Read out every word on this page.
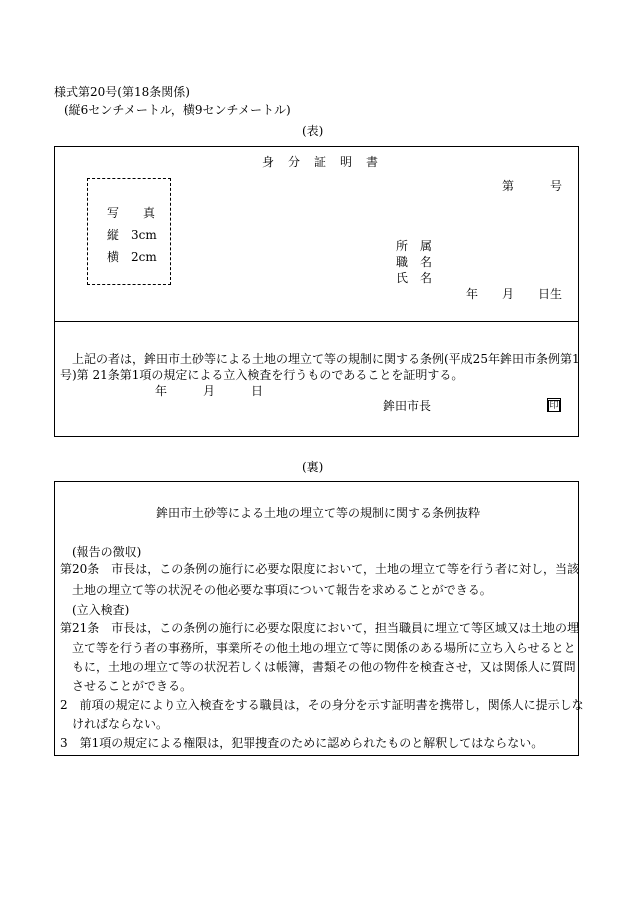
様式第20号(第18条関係)
(縦6センチメートル，横9センチメートル)
(表)
身　分　証　明　書
第　　　号
写　　真
縦　3cm
横　2cm
所　属
職　名
氏　名
年　　月　　日生
上記の者は，鉾田市土砂等による土地の埋立て等の規制に関する条例(平成25年鉾田市条例第1
号)第 21条第1項の規定による立入検査を行うものであることを証明する。
年　　　月　　　日
鉾田市長	印
(裏)
鉾田市土砂等による土地の埋立て等の規制に関する条例抜粋
(報告の徴収)
第20条　市長は，この条例の施行に必要な限度において，土地の埋立て等を行う者に対し，当該
土地の埋立て等の状況その他必要な事項について報告を求めることができる。
(立入検査)
第21条　市長は，この条例の施行に必要な限度において，担当職員に埋立て等区域又は土地の埋
立て等を行う者の事務所，事業所その他土地の埋立て等に関係のある場所に立ち入らせるとと
もに，土地の埋立て等の状況若しくは帳簿，書類その他の物件を検査させ，又は関係人に質問
させることができる。
2　前項の規定により立入検査をする職員は，その身分を示す証明書を携帯し，関係人に提示しな
ければならない。
3　第1項の規定による権限は，犯罪捜査のために認められたものと解釈してはならない。
